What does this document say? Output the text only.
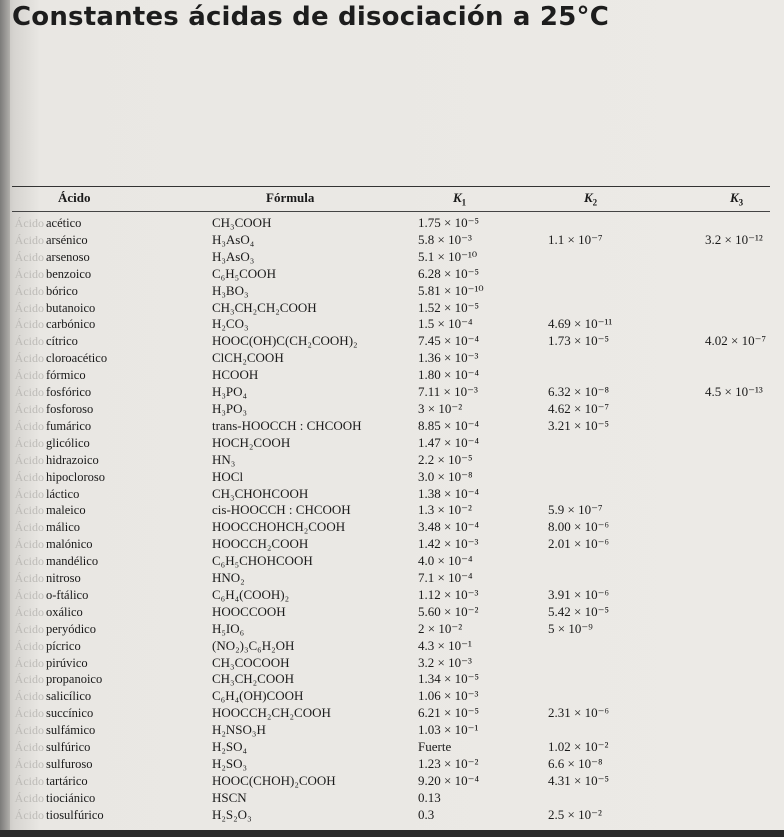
Constantes ácidas de disociación a 25°C
Ácido	Fórmula	$K_1$	$K_2$	$K_3$
Ácido acético	CH₃COOH	1.75 × 10⁻⁵
Ácido arsénico	H₃AsO₄	5.8 × 10⁻³	1.1 × 10⁻⁷	3.2 × 10⁻¹²
Ácido arsenoso	H₃AsO₃	5.1 × 10⁻¹⁰
Ácido benzoico	C₆H₅COOH	6.28 × 10⁻⁵
Ácido bórico	H₃BO₃	5.81 × 10⁻¹⁰
Ácido butanoico	CH₃CH₂CH₂COOH	1.52 × 10⁻⁵
Ácido carbónico	H₂CO₃	1.5 × 10⁻⁴	4.69 × 10⁻¹¹
Ácido cítrico	HOOC(OH)C(CH₂COOH)₂	7.45 × 10⁻⁴	1.73 × 10⁻⁵	4.02 × 10⁻⁷
Ácido cloroacético	ClCH₂COOH	1.36 × 10⁻³
Ácido fórmico	HCOOH	1.80 × 10⁻⁴
Ácido fosfórico	H₃PO₄	7.11 × 10⁻³	6.32 × 10⁻⁸	4.5 × 10⁻¹³
Ácido fosforoso	H₃PO₃	3 × 10⁻²	4.62 × 10⁻⁷
Ácido fumárico	trans-HOOCCH : CHCOOH	8.85 × 10⁻⁴	3.21 × 10⁻⁵
Ácido glicólico	HOCH₂COOH	1.47 × 10⁻⁴
Ácido hidrazoico	HN₃	2.2 × 10⁻⁵
Ácido hipocloroso	HOCl	3.0 × 10⁻⁸
Ácido láctico	CH₃CHOHCOOH	1.38 × 10⁻⁴
Ácido maleico	cis-HOOCCH : CHCOOH	1.3 × 10⁻²	5.9 × 10⁻⁷
Ácido málico	HOOCCHOHCH₂COOH	3.48 × 10⁻⁴	8.00 × 10⁻⁶
Ácido malónico	HOOCCH₂COOH	1.42 × 10⁻³	2.01 × 10⁻⁶
Ácido mandélico	C₆H₅CHOHCOOH	4.0 × 10⁻⁴
Ácido nitroso	HNO₂	7.1 × 10⁻⁴
Ácido o-ftálico	C₆H₄(COOH)₂	1.12 × 10⁻³	3.91 × 10⁻⁶
Ácido oxálico	HOOCCOOH	5.60 × 10⁻²	5.42 × 10⁻⁵
Ácido peryódico	H₅IO₆	2 × 10⁻²	5 × 10⁻⁹
Ácido pícrico	(NO₂)₃C₆H₂OH	4.3 × 10⁻¹
Ácido pirúvico	CH₃COCOOH	3.2 × 10⁻³
Ácido propanoico	CH₃CH₂COOH	1.34 × 10⁻⁵
Ácido salicílico	C₆H₄(OH)COOH	1.06 × 10⁻³
Ácido succínico	HOOCCH₂CH₂COOH	6.21 × 10⁻⁵	2.31 × 10⁻⁶
Ácido sulfámico	H₂NSO₃H	1.03 × 10⁻¹
Ácido sulfúrico	H₂SO₄	Fuerte	1.02 × 10⁻²
Ácido sulfuroso	H₂SO₃	1.23 × 10⁻²	6.6 × 10⁻⁸
Ácido tartárico	HOOC(CHOH)₂COOH	9.20 × 10⁻⁴	4.31 × 10⁻⁵
Ácido tiociánico	HSCN	0.13
Ácido tiosulfúrico	H₂S₂O₃	0.3	2.5 × 10⁻²
